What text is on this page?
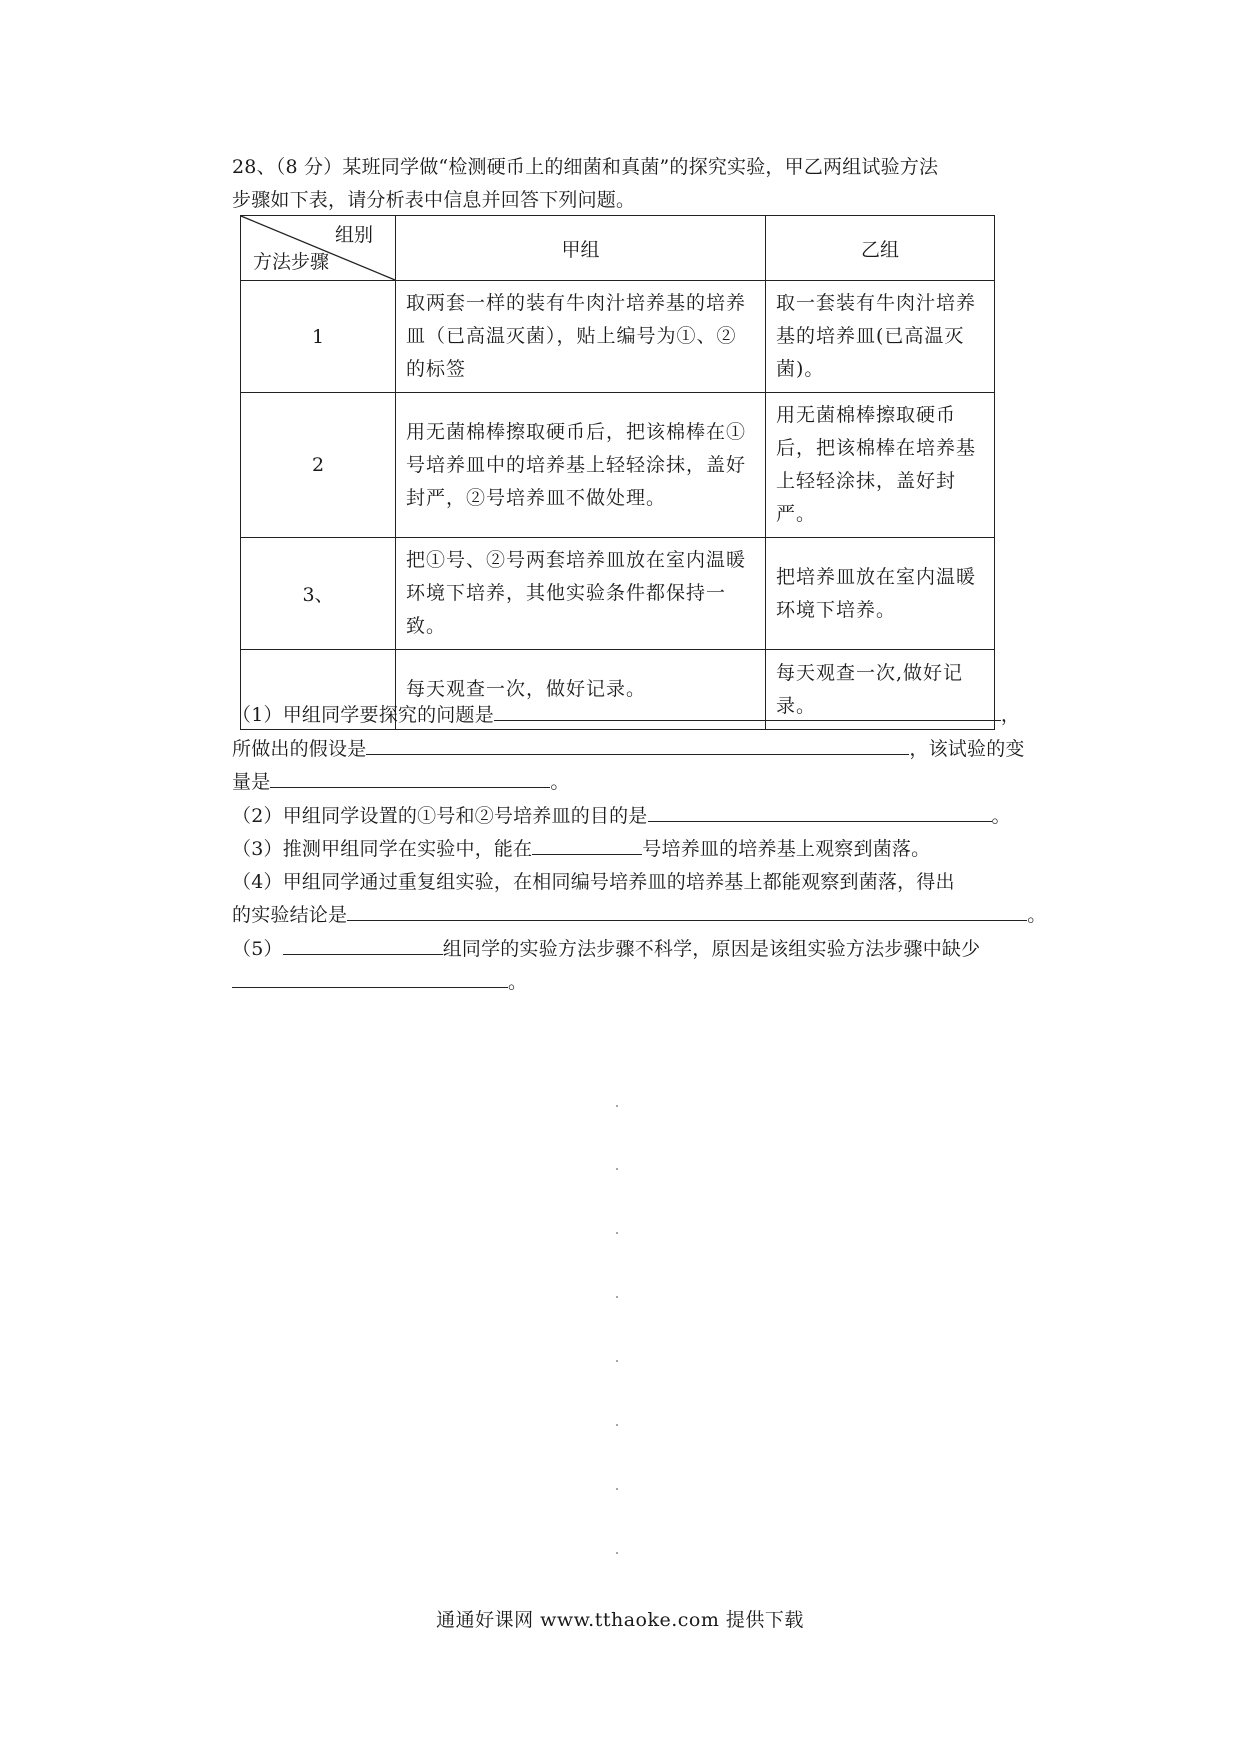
28、（8 分）某班同学做“检测硬币上的细菌和真菌”的探究实验，甲乙两组试验方法
步骤如下表，请分析表中信息并回答下列问题。
组别
方法步骤	甲组	乙组
1	取两套一样的装有牛肉汁培养基的培养皿（已高温灭菌），贴上编号为①、②的标签	取一套装有牛肉汁培养基的培养皿(已高温灭菌)。

2	用无菌棉棒擦取硬币后，把该棉棒在①号培养皿中的培养基上轻轻涂抹，盖好封严，②号培养皿不做处理。	用无菌棉棒擦取硬币后，把该棉棒在培养基上轻轻涂抹，盖好封严。

3、	把①号、②号两套培养皿放在室内温暖环境下培养，其他实验条件都保持一致。	把培养皿放在室内温暖环境下培养。

	每天观查一次，做好记录。	每天观查一次,做好记录。

（1）甲组同学要探究的问题是	，

所做出的假设是	，该试验的变

量是	。

（2）甲组同学设置的①号和②号培养皿的目的是	。

（3）推测甲组同学在实验中，能在	号培养皿的培养基上观察到菌落。

（4）甲组同学通过重复组实验，在相同编号培养皿的培养基上都能观察到菌落，得出

的实验结论是	。

（5）	组同学的实验方法步骤不科学，原因是该组实验方法步骤中缺少

。

通通好课网 www.tthaoke.com 提供下载
